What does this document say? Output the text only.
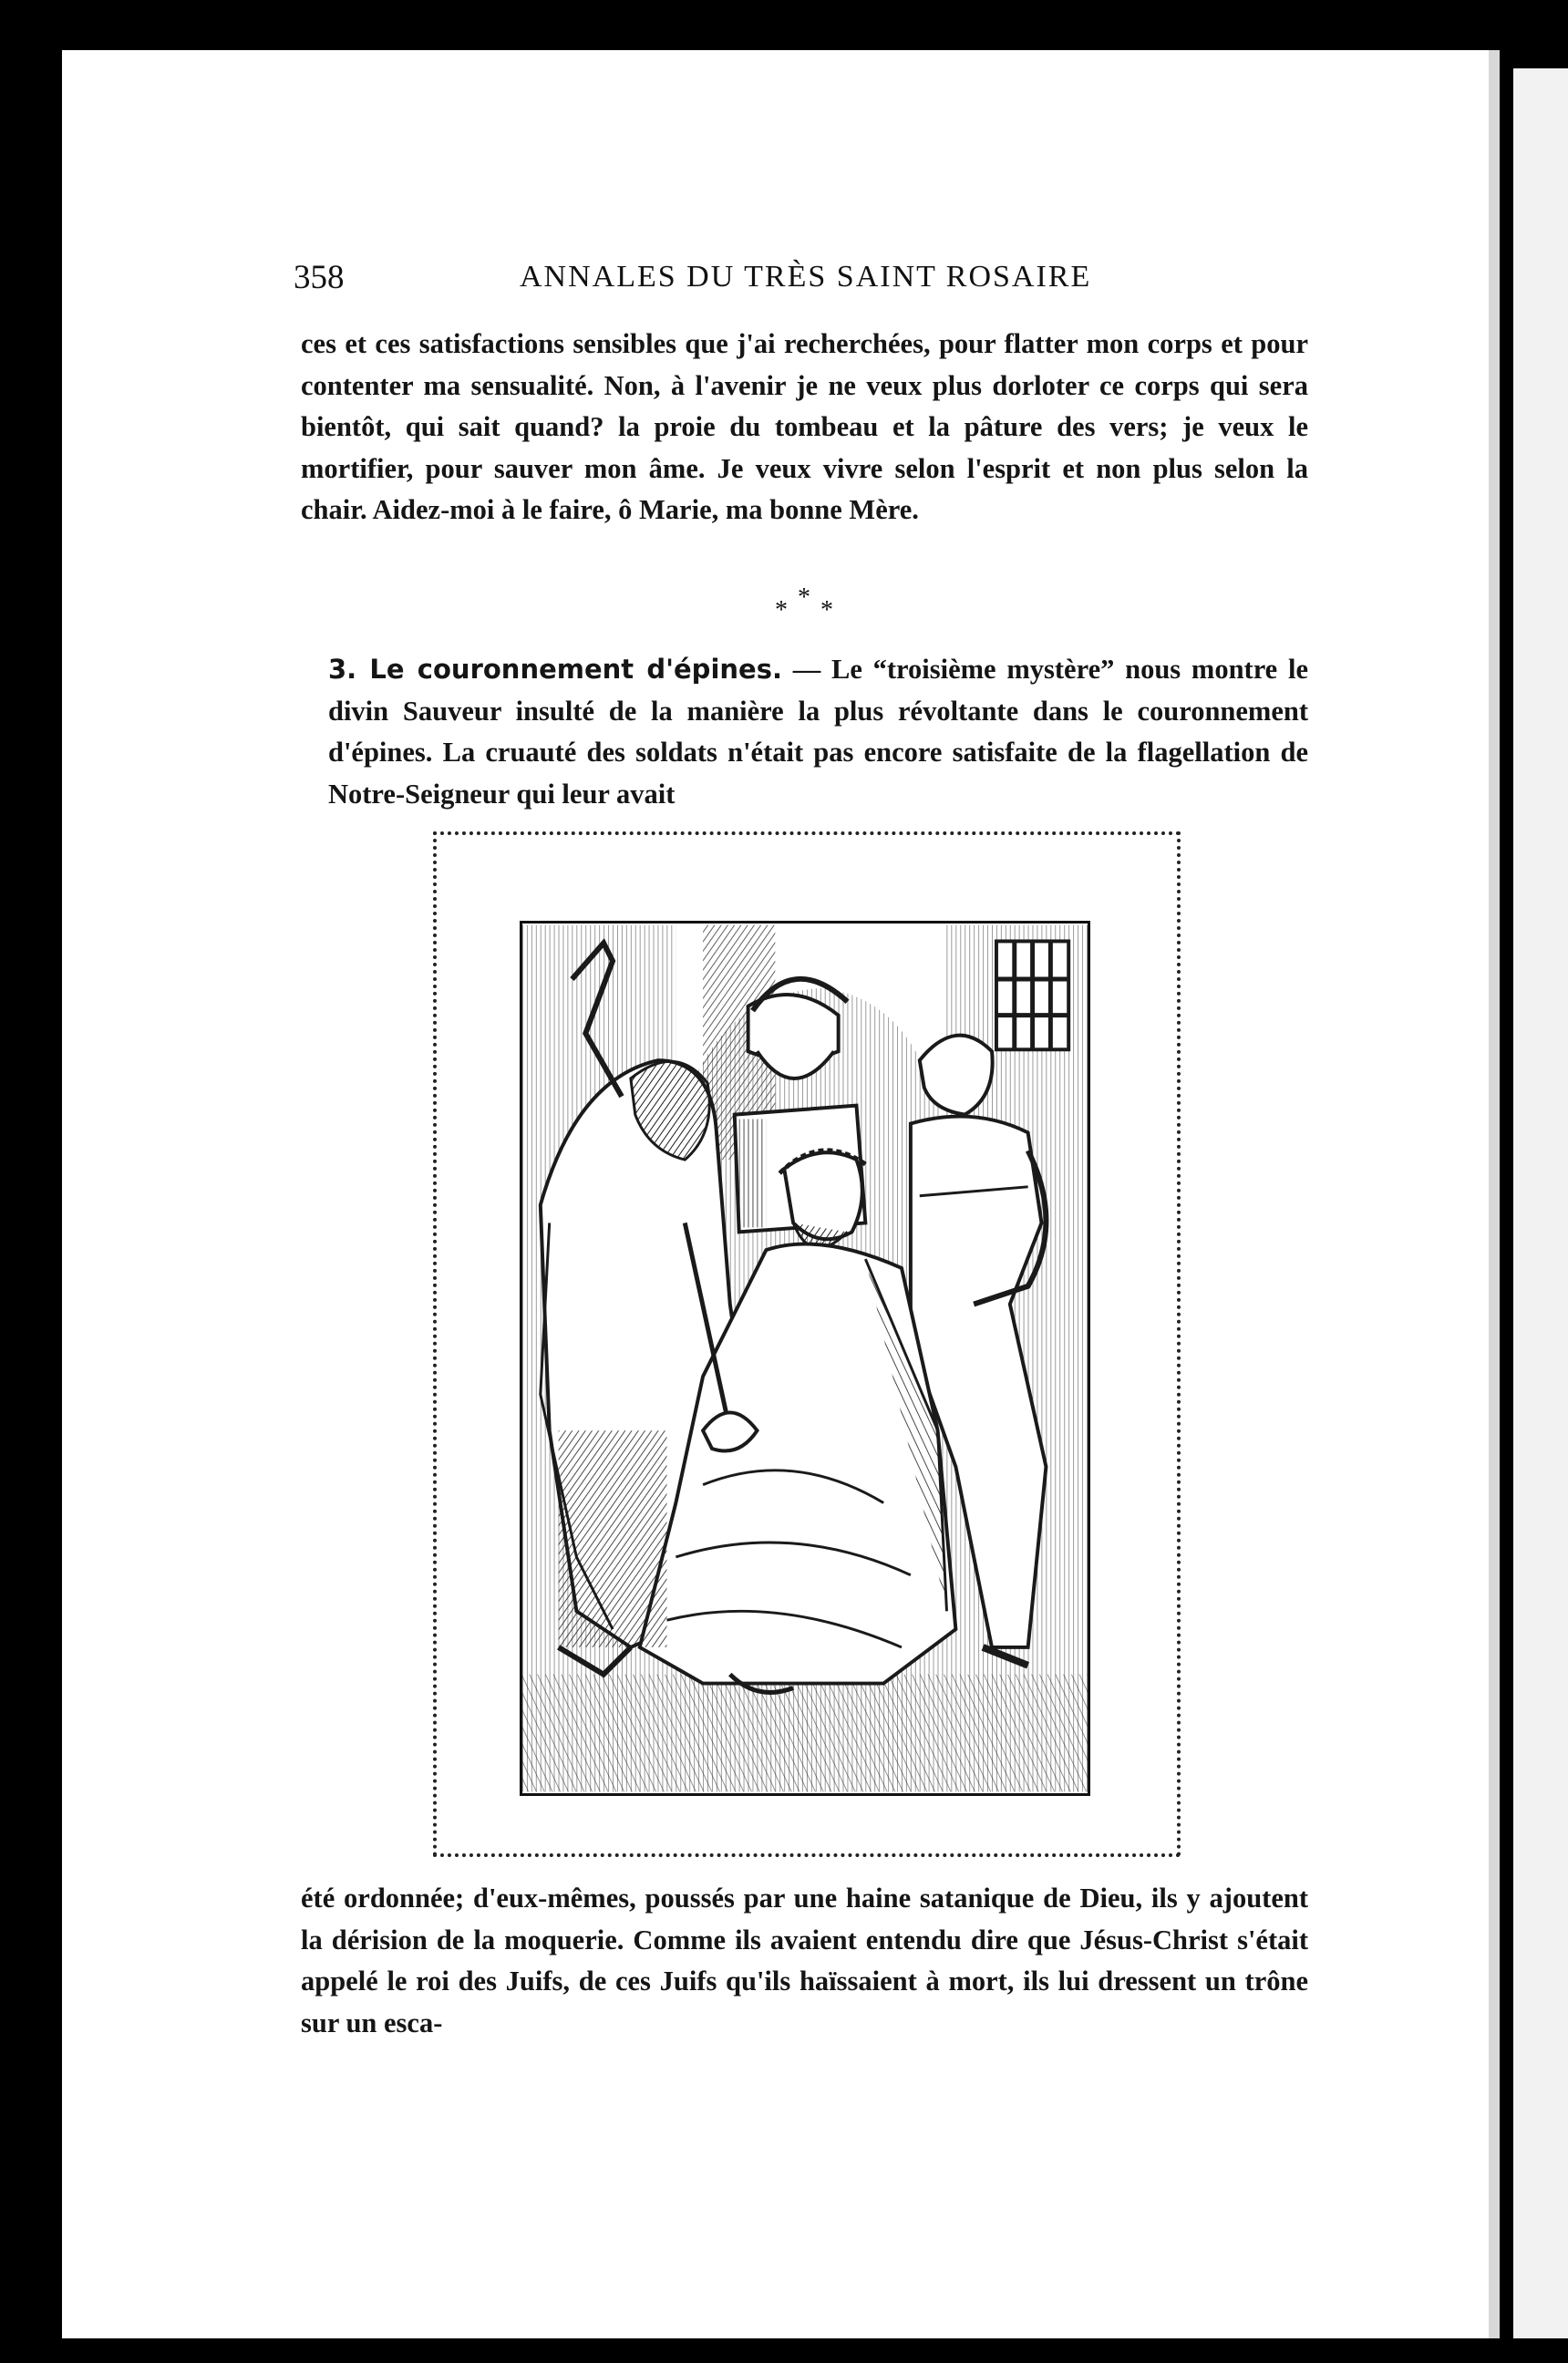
358	ANNALES DU TRÈS SAINT ROSAIRE

ces et ces satisfactions sensibles que j'ai recherchées, pour flatter mon corps et pour contenter ma sensualité. Non, à l'avenir je ne veux plus dorloter ce corps qui sera bientôt, qui sait quand? la proie du tombeau et la pâture des vers; je veux le mortifier, pour sauver mon âme. Je veux vivre selon l'esprit et non plus selon la chair. Aidez-moi à le faire, ô Marie, ma bonne Mère.

* * *

3. Le couronnement d'épines. — Le “troisième mystère” nous montre le divin Sauveur insulté de la manière la plus révoltante dans le couronnement d'épines. La cruauté des soldats n'était pas encore satisfaite de la flagellation de Notre-Seigneur qui leur avait

été ordonnée; d'eux-mêmes, poussés par une haine satanique de Dieu, ils y ajoutent la dérision de la moquerie. Comme ils avaient entendu dire que Jésus-Christ s'était appelé le roi des Juifs, de ces Juifs qu'ils haïssaient à mort, ils lui dressent un trône sur un esca-
